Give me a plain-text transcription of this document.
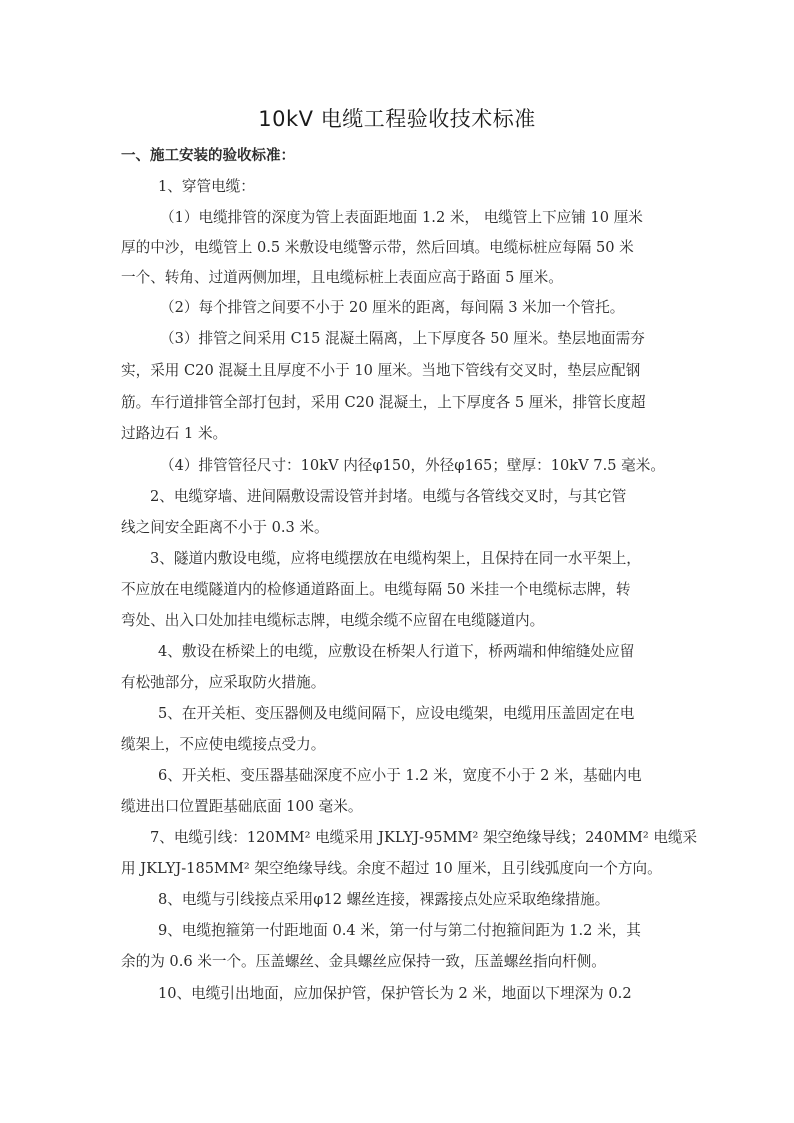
10kV 电缆工程验收技术标准
一、施工安装的验收标准：
1、穿管电缆：
（1）电缆排管的深度为管上表面距地面 1.2 米， 电缆管上下应铺 10 厘米
厚的中沙，电缆管上 0.5 米敷设电缆警示带，然后回填。电缆标桩应每隔 50 米
一个、转角、过道两侧加埋，且电缆标桩上表面应高于路面 5 厘米。
（2）每个排管之间要不小于 20 厘米的距离，每间隔 3 米加一个管托。
（3）排管之间采用 C15 混凝土隔离，上下厚度各 50 厘米。垫层地面需夯
实，采用 C20 混凝土且厚度不小于 10 厘米。当地下管线有交叉时，垫层应配钢
筋。车行道排管全部打包封，采用 C20 混凝土，上下厚度各 5 厘米，排管长度超
过路边石 1 米。
（4）排管管径尺寸：10kV 内径φ150，外径φ165；壁厚：10kV 7.5 毫米。
2、电缆穿墙、进间隔敷设需设管并封堵。电缆与各管线交叉时，与其它管
线之间安全距离不小于 0.3 米。
3、隧道内敷设电缆，应将电缆摆放在电缆构架上，且保持在同一水平架上，
不应放在电缆隧道内的检修通道路面上。电缆每隔 50 米挂一个电缆标志牌，转
弯处、出入口处加挂电缆标志牌，电缆余缆不应留在电缆隧道内。
4、敷设在桥梁上的电缆，应敷设在桥架人行道下，桥两端和伸缩缝处应留
有松弛部分，应采取防火措施。
5、在开关柜、变压器侧及电缆间隔下，应设电缆架，电缆用压盖固定在电
缆架上，不应使电缆接点受力。
6、开关柜、变压器基础深度不应小于 1.2 米，宽度不小于 2 米，基础内电
缆进出口位置距基础底面 100 毫米。
7、电缆引线：120MM² 电缆采用 JKLYJ-95MM² 架空绝缘导线；240MM² 电缆采
用 JKLYJ-185MM² 架空绝缘导线。余度不超过 10 厘米，且引线弧度向一个方向。
8、电缆与引线接点采用φ12 螺丝连接，裸露接点处应采取绝缘措施。
9、电缆抱箍第一付距地面 0.4 米，第一付与第二付抱箍间距为 1.2 米，其
余的为 0.6 米一个。压盖螺丝、金具螺丝应保持一致，压盖螺丝指向杆侧。
10、电缆引出地面，应加保护管，保护管长为 2 米，地面以下埋深为 0.2
